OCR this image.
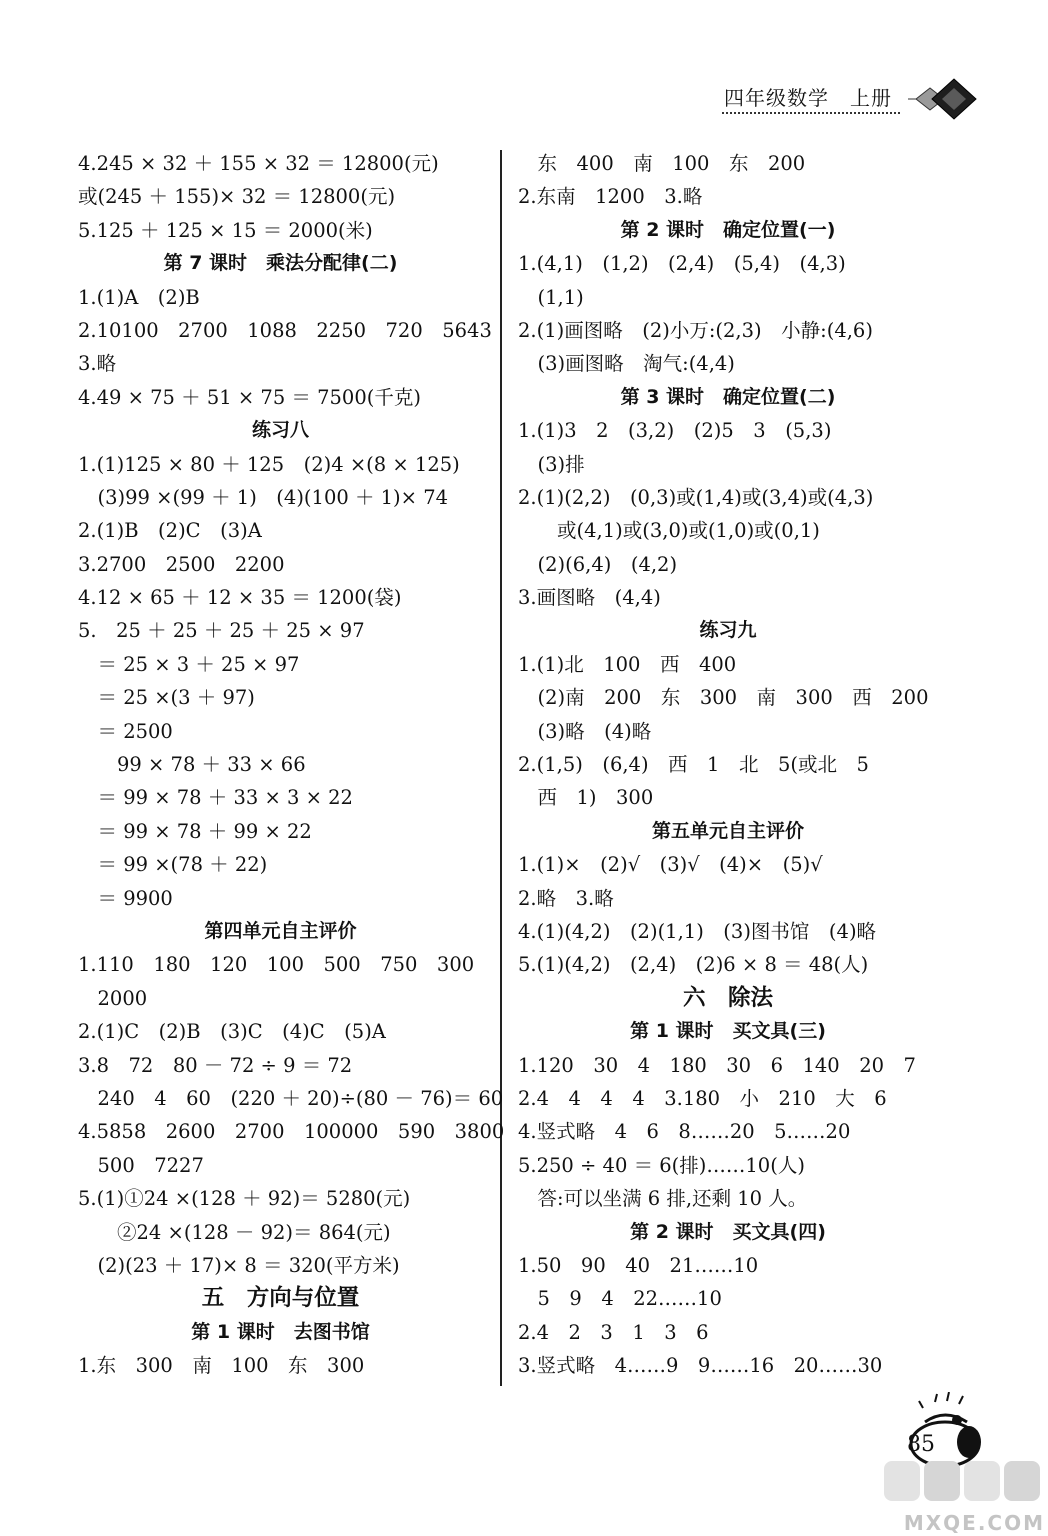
四年级数学　上册
4.245 × 32 ＋ 155 × 32 ＝ 12800(元)
或(245 ＋ 155)× 32 ＝ 12800(元)
5.125 ＋ 125 × 15 ＝ 2000(米)
第 7 课时　乘法分配律(二)
1.(1)A　(2)B
2.10100　2700　1088　2250　720　5643
3.略
4.49 × 75 ＋ 51 × 75 ＝ 7500(千克)
练习八
1.(1)125 × 80 ＋ 125　(2)4 ×(8 × 125)
　(3)99 ×(99 ＋ 1)　(4)(100 ＋ 1)× 74
2.(1)B　(2)C　(3)A
3.2700　2500　2200
4.12 × 65 ＋ 12 × 35 ＝ 1200(袋)
5.　25 ＋ 25 ＋ 25 ＋ 25 × 97
　＝ 25 × 3 ＋ 25 × 97
　＝ 25 ×(3 ＋ 97)
　＝ 2500
　　99 × 78 ＋ 33 × 66
　＝ 99 × 78 ＋ 33 × 3 × 22
　＝ 99 × 78 ＋ 99 × 22
　＝ 99 ×(78 ＋ 22)
　＝ 9900
第四单元自主评价
1.110　180　120　100　500　750　300
　2000
2.(1)C　(2)B　(3)C　(4)C　(5)A
3.8　72　80 － 72 ÷ 9 ＝ 72
　240　4　60　(220 ＋ 20)÷(80 － 76)＝ 60
4.5858　2600　2700　100000　590　3800
　500　7227
5.(1)①24 ×(128 ＋ 92)＝ 5280(元)
　　②24 ×(128 － 92)＝ 864(元)
　(2)(23 ＋ 17)× 8 ＝ 320(平方米)
五　方向与位置
第 1 课时　去图书馆
1.东　300　南　100　东　300
　东　400　南　100　东　200
2.东南　1200　3.略
第 2 课时　确定位置(一)
1.(4,1)　(1,2)　(2,4)　(5,4)　(4,3)
　(1,1)
2.(1)画图略　(2)小万:(2,3)　小静:(4,6)
　(3)画图略　淘气:(4,4)
第 3 课时　确定位置(二)
1.(1)3　2　(3,2)　(2)5　3　(5,3)
　(3)排
2.(1)(2,2)　(0,3)或(1,4)或(3,4)或(4,3)
　　或(4,1)或(3,0)或(1,0)或(0,1)
　(2)(6,4)　(4,2)
3.画图略　(4,4)
练习九
1.(1)北　100　西　400
　(2)南　200　东　300　南　300　西　200
　(3)略　(4)略
2.(1,5)　(6,4)　西　1　北　5(或北　5
　西　1)　300
第五单元自主评价
1.(1)×　(2)√　(3)√　(4)×　(5)√
2.略　3.略
4.(1)(4,2)　(2)(1,1)　(3)图书馆　(4)略
5.(1)(4,2)　(2,4)　(2)6 × 8 ＝ 48(人)
六　除法
第 1 课时　买文具(三)
1.120　30　4　180　30　6　140　20　7
2.4　4　4　4　3.180　小　210　大　6
4.竖式略　4　6　8……20　5……20
5.250 ÷ 40 ＝ 6(排)……10(人)
　答:可以坐满 6 排,还剩 10 人。
第 2 课时　买文具(四)
1.50　90　40　21……10
　5　9　4　22……10
2.4　2　3　1　3　6
3.竖式略　4……9　9……16　20……30
85
MXQE.COM
